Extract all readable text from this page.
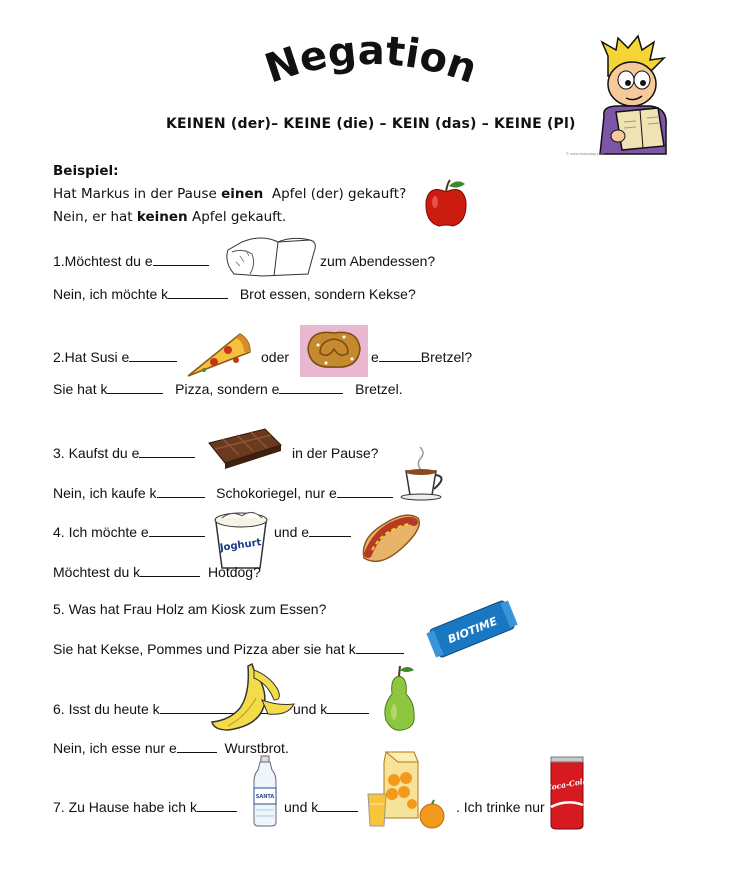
Negation
© www.toonaday.com
KEINEN (der)– KEINE (die) – KEIN (das) – KEINE (Pl)
Beispiel:
Hat Markus in der Pause einen Apfel (der) gekauft?
Nein, er hat keinen Apfel gekauft.
1.Möchtest du e	zum Abendessen?
Nein, ich möchte k	Brot essen, sondern Kekse?
2.Hat Susi e	oder	e	Bretzel?
Sie hat k	Pizza, sondern e	Bretzel.
3. Kaufst du e	in der Pause?
Nein, ich kaufe k	Schokoriegel, nur e
4. Ich möchte e
Joghurt
und e
Möchtest du k	Hotdog?
5. Was hat Frau Holz am Kiosk zum Essen?
Sie hat Kekse, Pommes und Pizza aber sie hat k
BIOTIME
6. Isst du heute k	und k
Nein, ich esse nur e	Wurstbrot.
7. Zu Hause habe ich k
SANTA
und k	. Ich trinke nur
Coca-Cola
